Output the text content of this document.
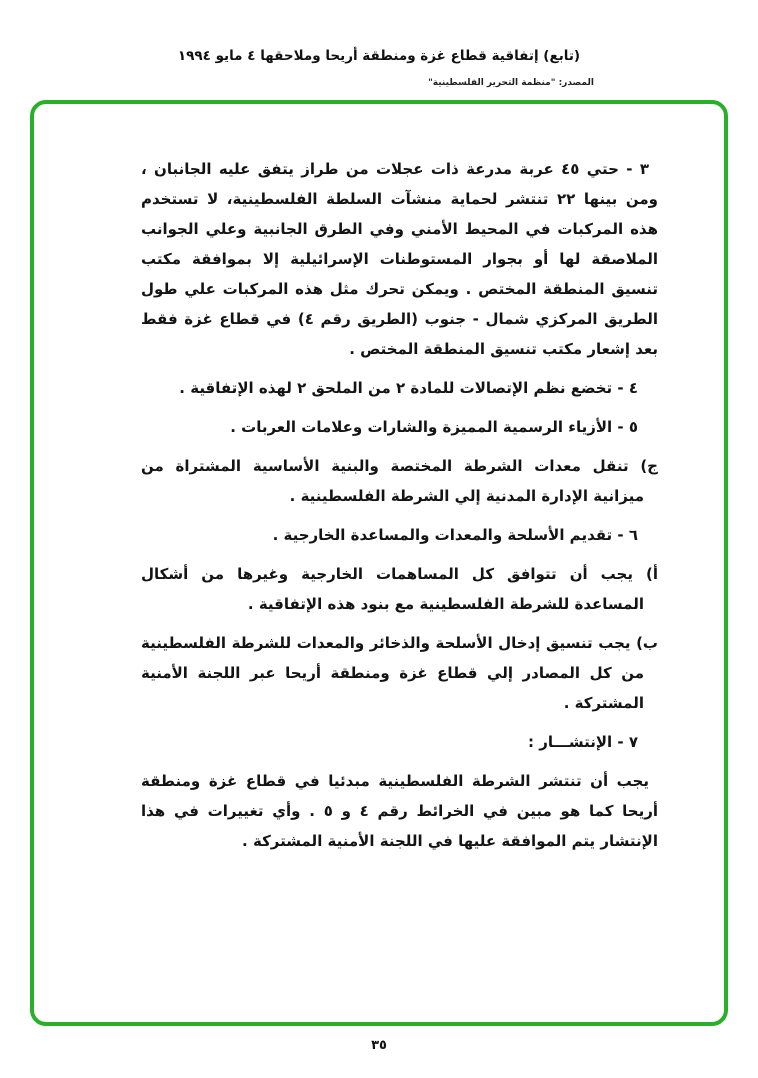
(تابع) إتفاقية قطاع غزة ومنطقة أريحا وملاحقها ٤ مايو ١٩٩٤
المصدر: "منظمة التحرير الفلسطينية"

٣ - حتي ٤٥ عربة مدرعة ذات عجلات من طراز يتفق عليه الجانبان ، ومن بينها ٢٢ تنتشر لحماية منشآت السلطة الفلسطينية، لا تستخدم هذه المركبات في المحيط الأمني وفي الطرق الجانبية وعلي الجوانب الملاصقة لها أو بجوار المستوطنات الإسرائيلية إلا بموافقة مكتب تنسيق المنطقة المختص . ويمكن تحرك مثل هذه المركبات علي طول الطريق المركزي شمال - جنوب (الطريق رقم ٤) في قطاع غزة فقط بعد إشعار مكتب تنسيق المنطقة المختص .

٤ - تخضع نظم الإتصالات للمادة ٢ من الملحق ٢ لهذه الإتفاقية .

٥ - الأزياء الرسمية المميزة والشارات وعلامات العربات .

ج) تنقل معدات الشرطة المختصة والبنية الأساسية المشتراة من ميزانية الإدارة المدنية إلي الشرطة الفلسطينية .

٦ - تقديم الأسلحة والمعدات والمساعدة الخارجية .

أ) يجب أن تتوافق كل المساهمات الخارجية وغيرها من أشكال المساعدة للشرطة الفلسطينية مع بنود هذه الإتفاقية .

ب) يجب تنسيق إدخال الأسلحة والذخائر والمعدات للشرطة الفلسطينية من كل المصادر إلي قطاع غزة ومنطقة أريحا عبر اللجنة الأمنية المشتركة .

٧ - الإنتشـــار :

يجب أن تنتشر الشرطة الفلسطينية مبدئيا في قطاع غزة ومنطقة أريحا كما هو مبين في الخرائط رقم ٤ و ٥ . وأي تغييرات في هذا الإنتشار يتم الموافقة عليها في اللجنة الأمنية المشتركة .

٣٥
